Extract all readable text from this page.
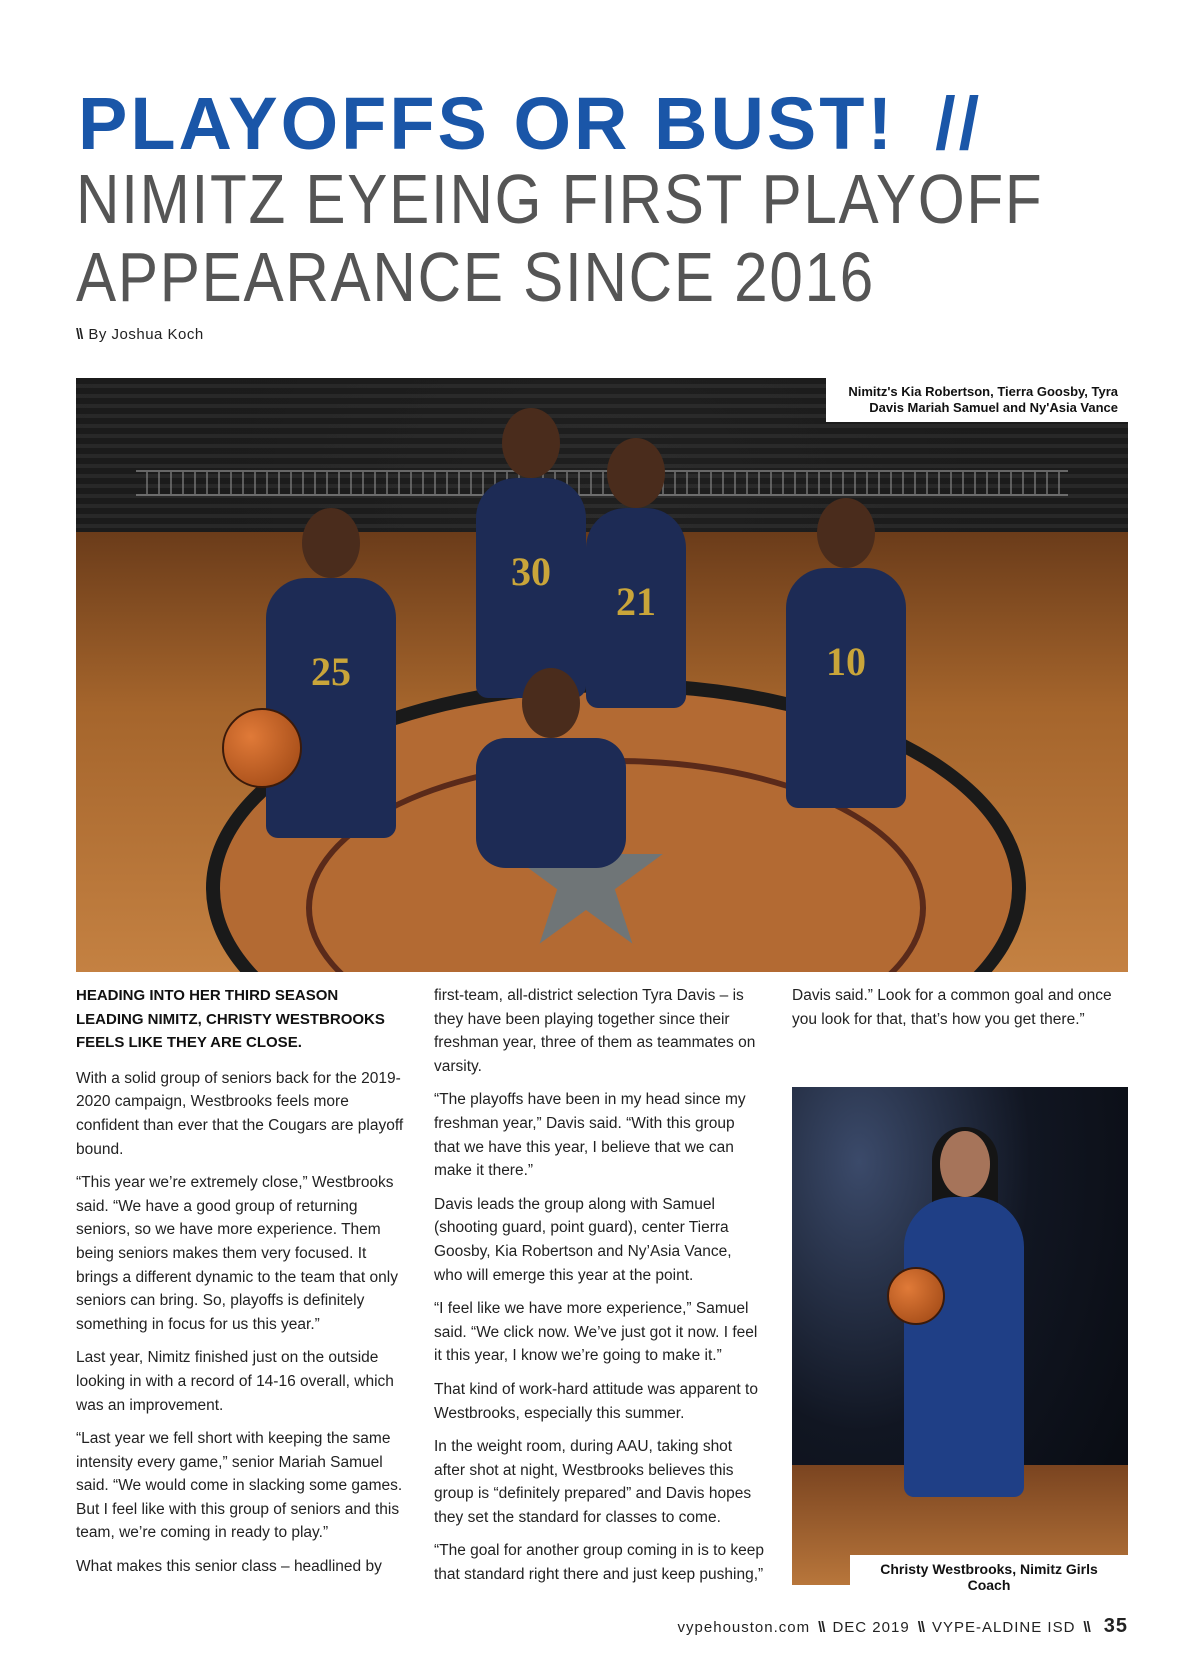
PLAYOFFS OR BUST! //
NIMITZ EYEING FIRST PLAYOFF
APPEARANCE SINCE 2016
\\ By Joshua Koch
25
30
21
10
Nimitz's Kia Robertson, Tierra Goosby, Tyra Davis Mariah Samuel and Ny'Asia Vance

HEADING INTO HER THIRD SEASON LEADING NIMITZ, CHRISTY WESTBROOKS FEELS LIKE THEY ARE CLOSE.

With a solid group of seniors back for the 2019-2020 campaign, Westbrooks feels more confident than ever that the Cougars are playoff bound.

“This year we’re extremely close,” Westbrooks said. “We have a good group of returning seniors, so we have more experience. Them being seniors makes them very focused. It brings a different dynamic to the team that only seniors can bring. So, playoffs is definitely something in focus for us this year.”

Last year, Nimitz finished just on the outside looking in with a record of 14-16 overall, which was an improvement.

“Last year we fell short with keeping the same intensity every game,” senior Mariah Samuel said. “We would come in slacking some games. But I feel like with this group of seniors and this team, we’re coming in ready to play.”

What makes this senior class – headlined by

first-team, all-district selection Tyra Davis – is they have been playing together since their freshman year, three of them as teammates on varsity.

“The playoffs have been in my head since my freshman year,” Davis said. “With this group that we have this year, I believe that we can make it there.”

Davis leads the group along with Samuel (shooting guard, point guard), center Tierra Goosby, Kia Robertson and Ny’Asia Vance, who will emerge this year at the point.

“I feel like we have more experience,” Samuel said. “We click now. We’ve just got it now. I feel it this year, I know we’re going to make it.”

That kind of work-hard attitude was apparent to Westbrooks, especially this summer.

In the weight room, during AAU, taking shot after shot at night, Westbrooks believes this group is “definitely prepared” and Davis hopes they set the standard for classes to come.

“The goal for another group coming in is to keep that standard right there and just keep pushing,”

Davis said.” Look for a common goal and once you look for that, that’s how you get there.”

Christy Westbrooks, Nimitz Girls Coach
vypehouston.com \\ DEC 2019 \\ VYPE-ALDINE ISD \\ 35
